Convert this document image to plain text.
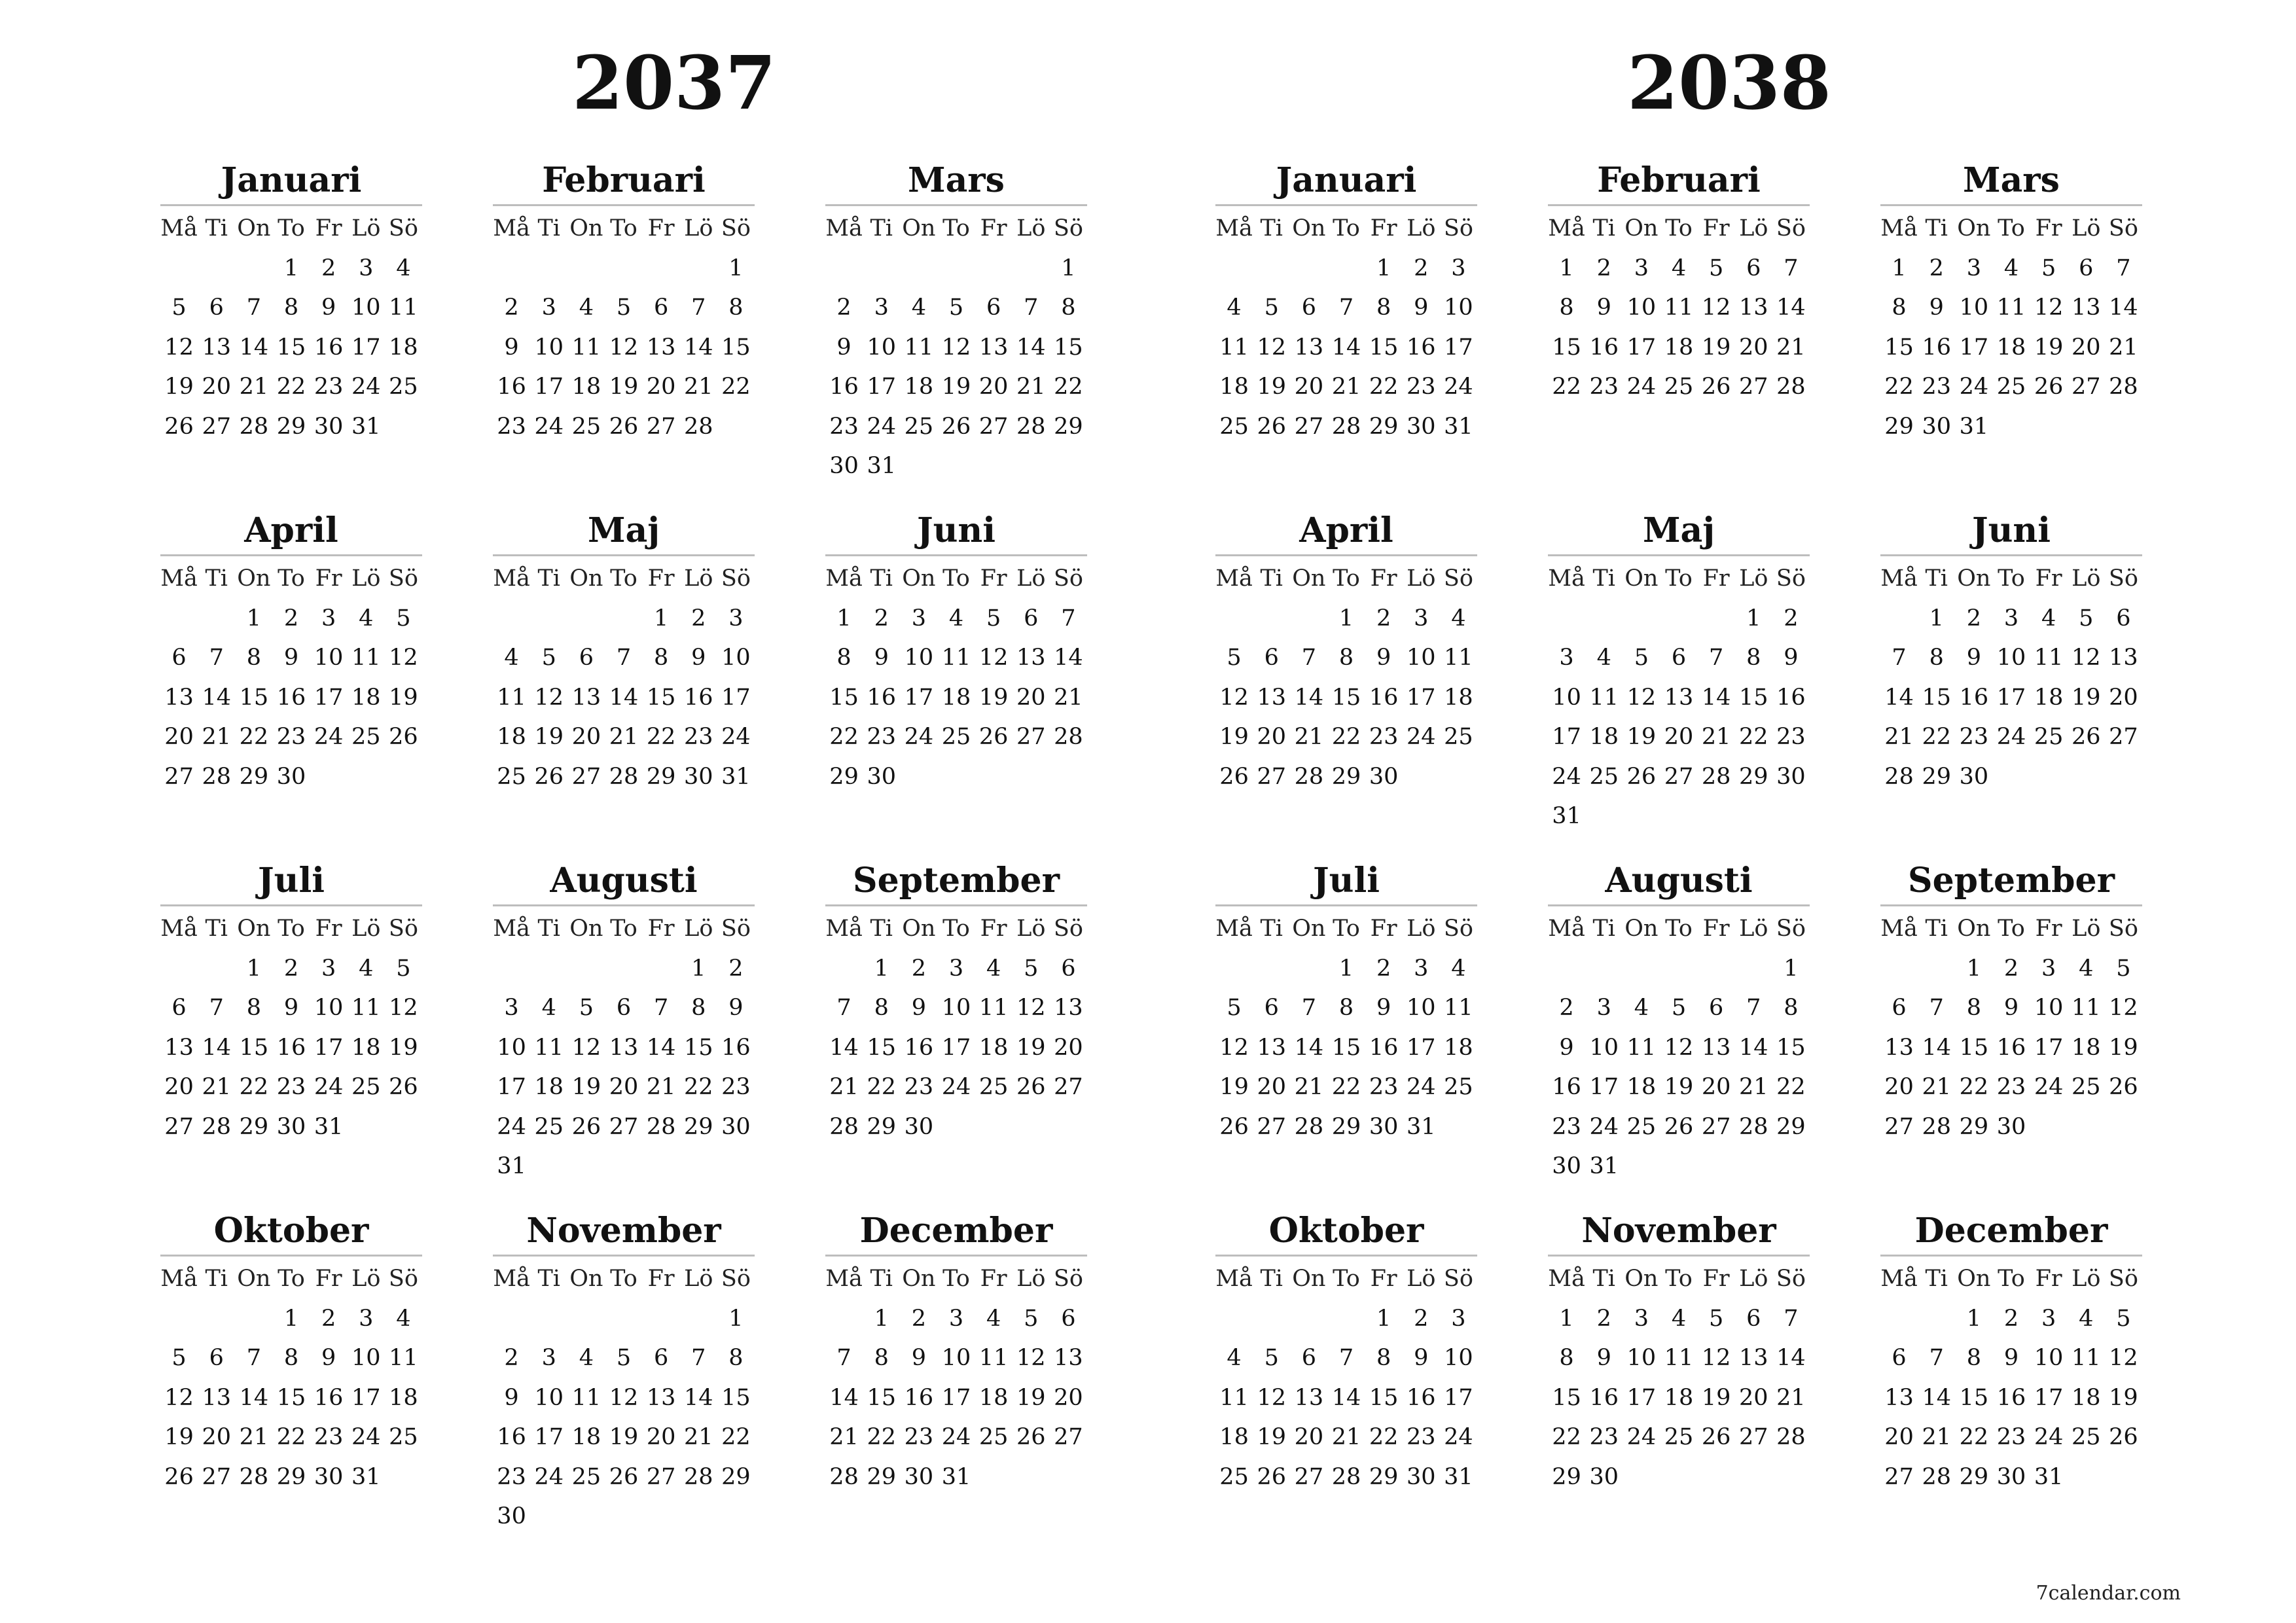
2037
Januari
Må Ti On To Fr Lö Sö
1 2 3 4
5 6 7 8 9 10 11
12 13 14 15 16 17 18
19 20 21 22 23 24 25
26 27 28 29 30 31
Februari
Må Ti On To Fr Lö Sö
1
2 3 4 5 6 7 8
9 10 11 12 13 14 15
16 17 18 19 20 21 22
23 24 25 26 27 28
Mars
Må Ti On To Fr Lö Sö
1
2 3 4 5 6 7 8
9 10 11 12 13 14 15
16 17 18 19 20 21 22
23 24 25 26 27 28 29
30 31
April
Må Ti On To Fr Lö Sö
1 2 3 4 5
6 7 8 9 10 11 12
13 14 15 16 17 18 19
20 21 22 23 24 25 26
27 28 29 30
Maj
Må Ti On To Fr Lö Sö
1 2 3
4 5 6 7 8 9 10
11 12 13 14 15 16 17
18 19 20 21 22 23 24
25 26 27 28 29 30 31
Juni
Må Ti On To Fr Lö Sö
1 2 3 4 5 6 7
8 9 10 11 12 13 14
15 16 17 18 19 20 21
22 23 24 25 26 27 28
29 30
Juli
Må Ti On To Fr Lö Sö
1 2 3 4 5
6 7 8 9 10 11 12
13 14 15 16 17 18 19
20 21 22 23 24 25 26
27 28 29 30 31
Augusti
Må Ti On To Fr Lö Sö
1 2
3 4 5 6 7 8 9
10 11 12 13 14 15 16
17 18 19 20 21 22 23
24 25 26 27 28 29 30
31
September
Må Ti On To Fr Lö Sö
1 2 3 4 5 6
7 8 9 10 11 12 13
14 15 16 17 18 19 20
21 22 23 24 25 26 27
28 29 30
Oktober
Må Ti On To Fr Lö Sö
1 2 3 4
5 6 7 8 9 10 11
12 13 14 15 16 17 18
19 20 21 22 23 24 25
26 27 28 29 30 31
November
Må Ti On To Fr Lö Sö
1
2 3 4 5 6 7 8
9 10 11 12 13 14 15
16 17 18 19 20 21 22
23 24 25 26 27 28 29
30
December
Må Ti On To Fr Lö Sö
1 2 3 4 5 6
7 8 9 10 11 12 13
14 15 16 17 18 19 20
21 22 23 24 25 26 27
28 29 30 31
2038
Januari
Må Ti On To Fr Lö Sö
1 2 3
4 5 6 7 8 9 10
11 12 13 14 15 16 17
18 19 20 21 22 23 24
25 26 27 28 29 30 31
Februari
Må Ti On To Fr Lö Sö
1 2 3 4 5 6 7
8 9 10 11 12 13 14
15 16 17 18 19 20 21
22 23 24 25 26 27 28
Mars
Må Ti On To Fr Lö Sö
1 2 3 4 5 6 7
8 9 10 11 12 13 14
15 16 17 18 19 20 21
22 23 24 25 26 27 28
29 30 31
April
Må Ti On To Fr Lö Sö
1 2 3 4
5 6 7 8 9 10 11
12 13 14 15 16 17 18
19 20 21 22 23 24 25
26 27 28 29 30
Maj
Må Ti On To Fr Lö Sö
1 2
3 4 5 6 7 8 9
10 11 12 13 14 15 16
17 18 19 20 21 22 23
24 25 26 27 28 29 30
31
Juni
Må Ti On To Fr Lö Sö
1 2 3 4 5 6
7 8 9 10 11 12 13
14 15 16 17 18 19 20
21 22 23 24 25 26 27
28 29 30
Juli
Må Ti On To Fr Lö Sö
1 2 3 4
5 6 7 8 9 10 11
12 13 14 15 16 17 18
19 20 21 22 23 24 25
26 27 28 29 30 31
Augusti
Må Ti On To Fr Lö Sö
1
2 3 4 5 6 7 8
9 10 11 12 13 14 15
16 17 18 19 20 21 22
23 24 25 26 27 28 29
30 31
September
Må Ti On To Fr Lö Sö
1 2 3 4 5
6 7 8 9 10 11 12
13 14 15 16 17 18 19
20 21 22 23 24 25 26
27 28 29 30
Oktober
Må Ti On To Fr Lö Sö
1 2 3
4 5 6 7 8 9 10
11 12 13 14 15 16 17
18 19 20 21 22 23 24
25 26 27 28 29 30 31
November
Må Ti On To Fr Lö Sö
1 2 3 4 5 6 7
8 9 10 11 12 13 14
15 16 17 18 19 20 21
22 23 24 25 26 27 28
29 30
December
Må Ti On To Fr Lö Sö
1 2 3 4 5
6 7 8 9 10 11 12
13 14 15 16 17 18 19
20 21 22 23 24 25 26
27 28 29 30 31
7calendar.com
